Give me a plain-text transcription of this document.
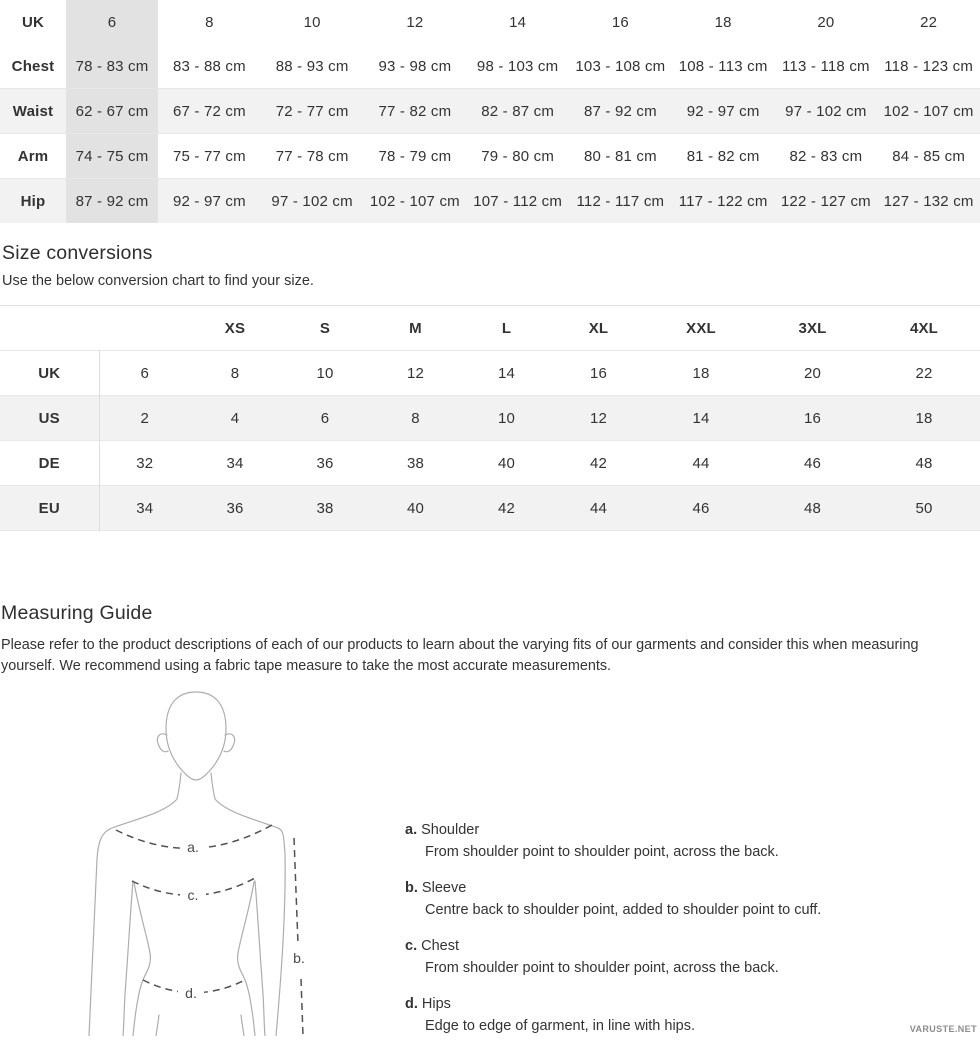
UK	6	8	10	12	14	16	18	20	22
Chest	78 - 83 cm	83 - 88 cm	88 - 93 cm	93 - 98 cm	98 - 103 cm	103 - 108 cm	108 - 113 cm	113 - 118 cm	118 - 123 cm
Waist	62 - 67 cm	67 - 72 cm	72 - 77 cm	77 - 82 cm	82 - 87 cm	87 - 92 cm	92 - 97 cm	97 - 102 cm	102 - 107 cm
Arm	74 - 75 cm	75 - 77 cm	77 - 78 cm	78 - 79 cm	79 - 80 cm	80 - 81 cm	81 - 82 cm	82 - 83 cm	84 - 85 cm
Hip	87 - 92 cm	92 - 97 cm	97 - 102 cm	102 - 107 cm	107 - 112 cm	112 - 117 cm	117 - 122 cm	122 - 127 cm	127 - 132 cm
Size conversions

Use the below conversion chart to find your size.

		XS	S	M	L	XL	XXL	3XL	4XL
UK	6	8	10	12	14	16	18	20	22
US	2	4	6	8	10	12	14	16	18
DE	32	34	36	38	40	42	44	46	48
EU	34	36	38	40	42	44	46	48	50
Measuring Guide

Please refer to the product descriptions of each of our products to learn about the varying fits of our garments and consider this when measuring yourself. We recommend using a fabric tape measure to take the most accurate measurements.

a.
c.
d.
b.
a. Shoulder
From shoulder point to shoulder point, across the back.
b. Sleeve
Centre back to shoulder point, added to shoulder point to cuff.
c. Chest
From shoulder point to shoulder point, across the back.
d. Hips
Edge to edge of garment, in line with hips.	VARUSTE.NET
